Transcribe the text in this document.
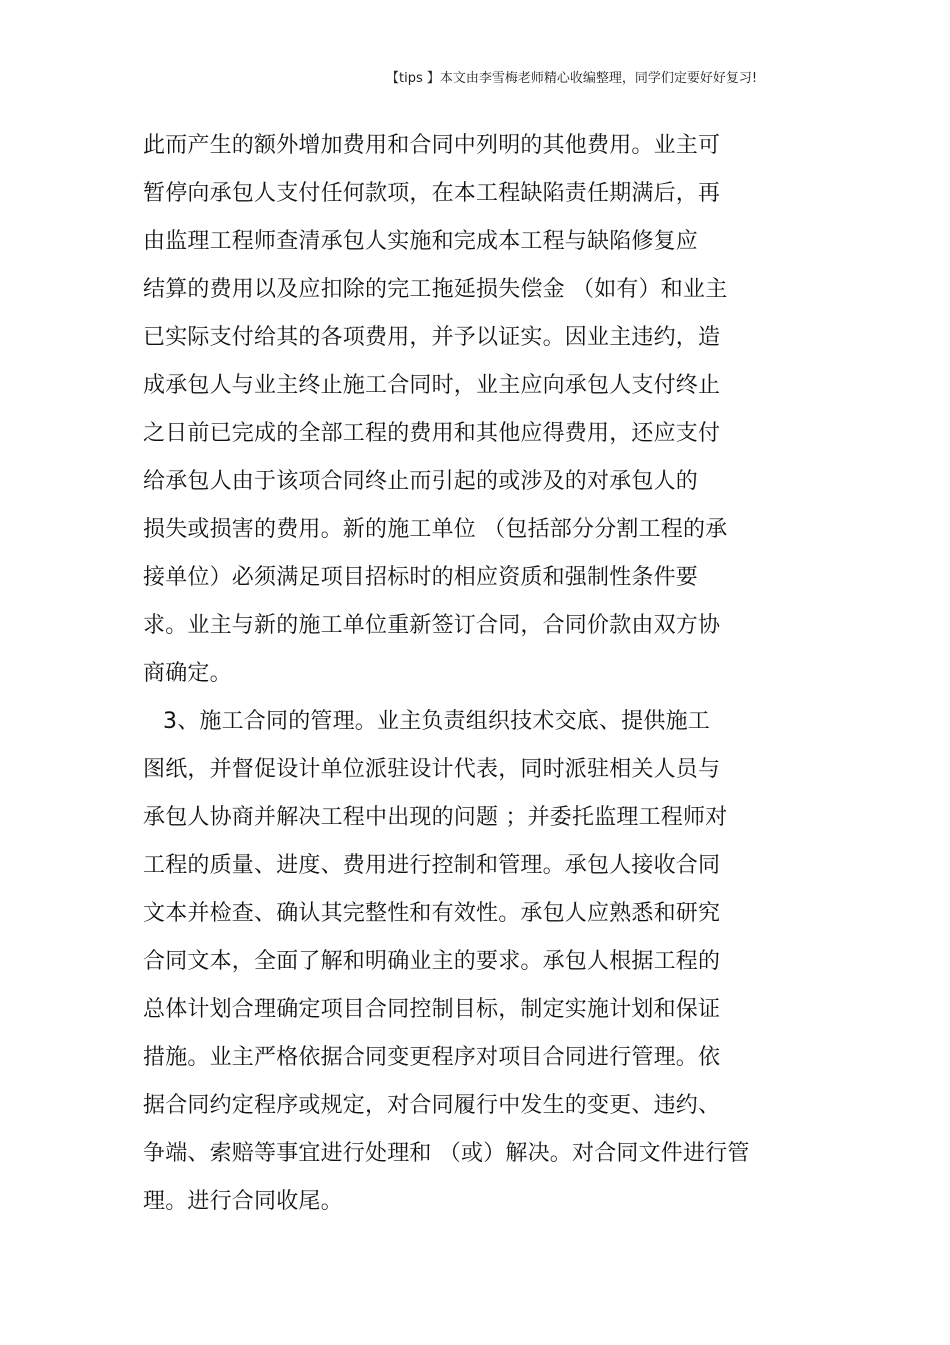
【tips 】本文由李雪梅老师精心收编整理，同学们定要好好复习!
此而产生的额外增加费用和合同中列明的其他费用。业主可
暂停向承包人支付任何款项，在本工程缺陷责任期满后，再
由监理工程师查清承包人实施和完成本工程与缺陷修复应
结算的费用以及应扣除的完工拖延损失偿金 （如有）和业主
已实际支付给其的各项费用，并予以证实。因业主违约，造
成承包人与业主终止施工合同时，业主应向承包人支付终止
之日前已完成的全部工程的费用和其他应得费用，还应支付
给承包人由于该项合同终止而引起的或涉及的对承包人的
损失或损害的费用。新的施工单位 （包括部分分割工程的承
接单位）必须满足项目招标时的相应资质和强制性条件要
求。业主与新的施工单位重新签订合同，合同价款由双方协
商确定。
3、施工合同的管理。业主负责组织技术交底、提供施工
图纸，并督促设计单位派驻设计代表，同时派驻相关人员与
承包人协商并解决工程中出现的问题 ；并委托监理工程师对
工程的质量、进度、费用进行控制和管理。承包人接收合同
文本并检查、确认其完整性和有效性。承包人应熟悉和研究
合同文本，全面了解和明确业主的要求。承包人根据工程的
总体计划合理确定项目合同控制目标，制定实施计划和保证
措施。业主严格依据合同变更程序对项目合同进行管理。依
据合同约定程序或规定，对合同履行中发生的变更、违约、
争端、索赔等事宜进行处理和 （或）解决。对合同文件进行管
理。进行合同收尾。
